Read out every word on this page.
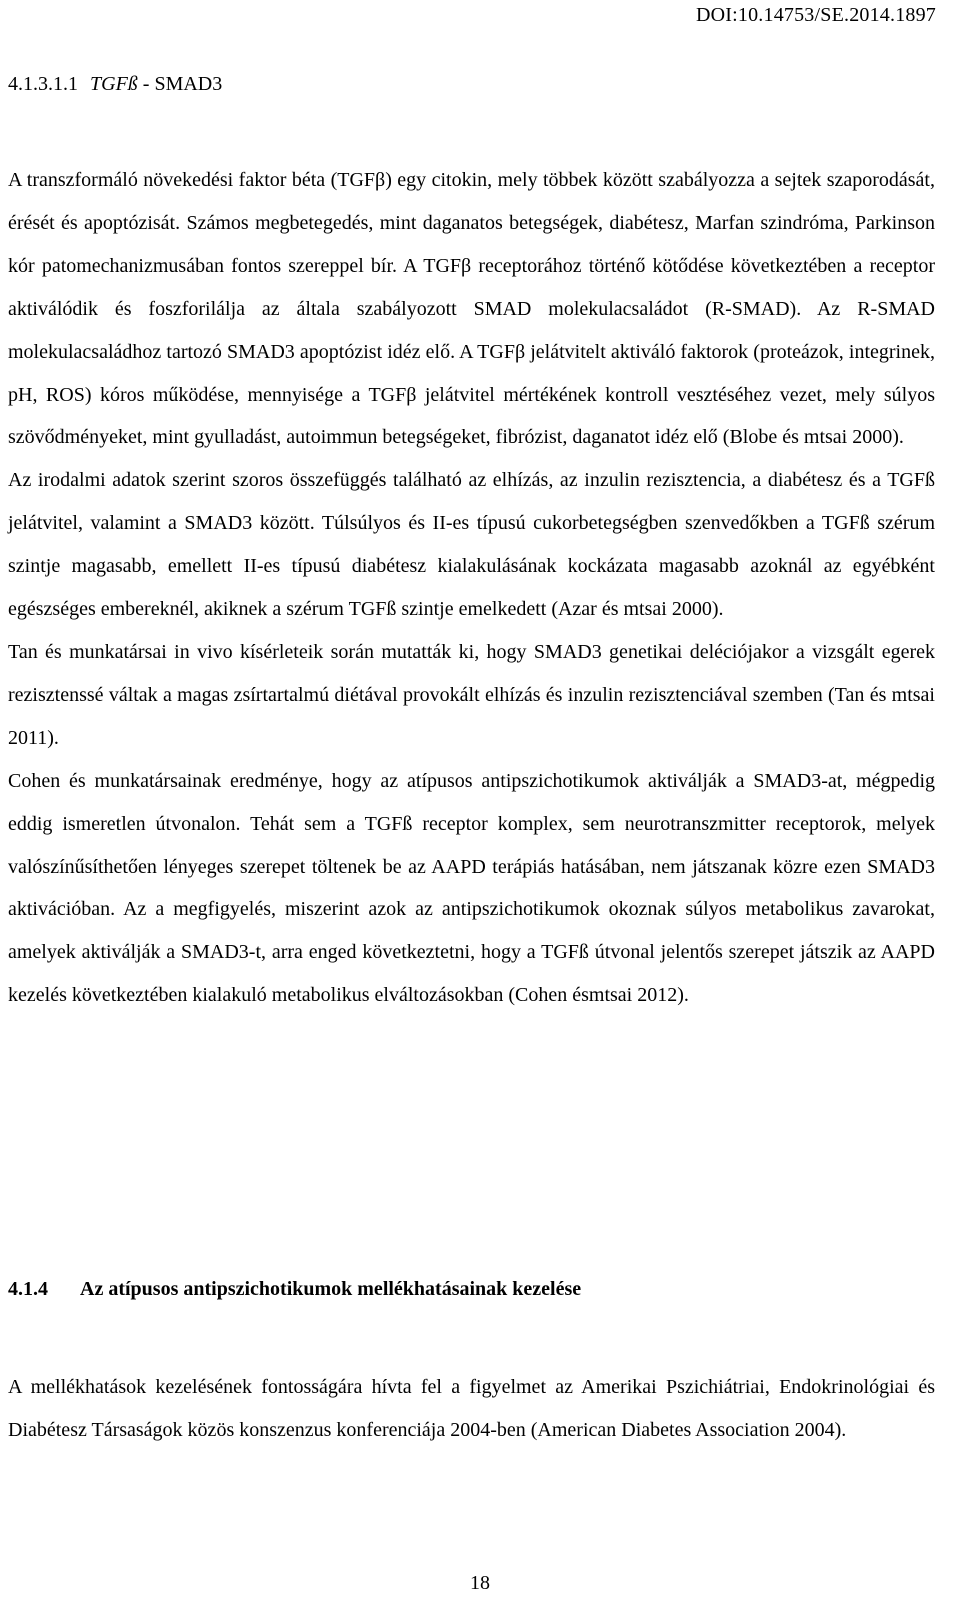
DOI:10.14753/SE.2014.1897
4.1.3.1.1 TGFß - SMAD3

A transzformáló növekedési faktor béta (TGFβ) egy citokin, mely többek között szabályozza a sejtek szaporodását, érését és apoptózisát. Számos megbetegedés, mint daganatos betegségek, diabétesz, Marfan szindróma, Parkinson kór patomechanizmusában fontos szereppel bír. A TGFβ receptorához történő kötődése következtében a receptor aktiválódik és foszforilálja az általa szabályozott SMAD molekulacsaládot (R-SMAD). Az R-SMAD molekulacsaládhoz tartozó SMAD3 apoptózist idéz elő. A TGFβ jelátvitelt aktiváló faktorok (proteázok, integrinek, pH, ROS) kóros működése, mennyisége a TGFβ jelátvitel mértékének kontroll vesztéséhez vezet, mely súlyos szövődményeket, mint gyulladást, autoimmun betegségeket, fibrózist, daganatot idéz elő (Blobe és mtsai 2000).

Az irodalmi adatok szerint szoros összefüggés található az elhízás, az inzulin rezisztencia, a diabétesz és a TGFß jelátvitel, valamint a SMAD3 között. Túlsúlyos és II-es típusú cukorbetegségben szenvedőkben a TGFß szérum szintje magasabb, emellett II-es típusú diabétesz kialakulásának kockázata magasabb azoknál az egyébként egészséges embereknél, akiknek a szérum TGFß szintje emelkedett (Azar és mtsai 2000).

Tan és munkatársai in vivo kísérleteik során mutatták ki, hogy SMAD3 genetikai deléciójakor a vizsgált egerek rezisztenssé váltak a magas zsírtartalmú diétával provokált elhízás és inzulin rezisztenciával szemben (Tan és mtsai 2011).

Cohen és munkatársainak eredménye, hogy az atípusos antipszichotikumok aktiválják a SMAD3-at, mégpedig eddig ismeretlen útvonalon. Tehát sem a TGFß receptor komplex, sem neurotranszmitter receptorok, melyek valószínűsíthetően lényeges szerepet töltenek be az AAPD terápiás hatásában, nem játszanak közre ezen SMAD3 aktivációban. Az a megfigyelés, miszerint azok az antipszichotikumok okoznak súlyos metabolikus zavarokat, amelyek aktiválják a SMAD3-t, arra enged következtetni, hogy a TGFß útvonal jelentős szerepet játszik az AAPD kezelés következtében kialakuló metabolikus elváltozásokban (Cohen ésmtsai 2012).

4.1.4 Az atípusos antipszichotikumok mellékhatásainak kezelése

A mellékhatások kezelésének fontosságára hívta fel a figyelmet az Amerikai Pszichiátriai, Endokrinológiai és Diabétesz Társaságok közös konszenzus konferenciája 2004-ben (American Diabetes Association 2004).

18
